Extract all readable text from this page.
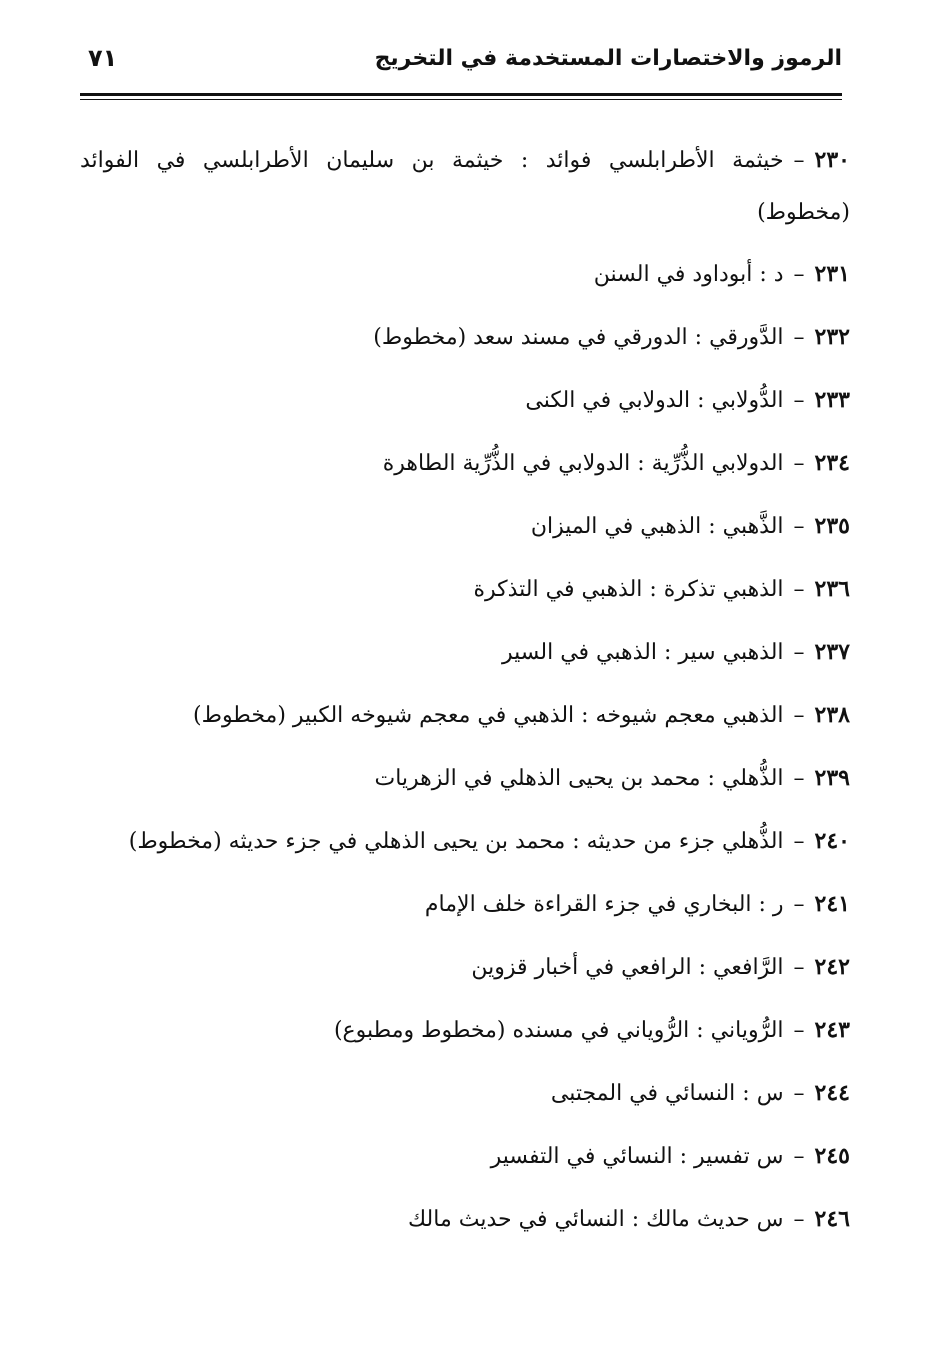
٧١	الرموز والاختصارات المستخدمة في التخريج
٢٣٠–خيثمة الأطرابلسي فوائد : خيثمة بن سليمان الأطرابلسي في الفوائد (مخطوط)
٢٣١–د : أبوداود في السنن
٢٣٢–الدَّورقي : الدورقي في مسند سعد (مخطوط)
٢٣٣–الدُّولابي : الدولابي في الكنى
٢٣٤–الدولابي الذُّرِّية : الدولابي في الذُّرِّية الطاهرة
٢٣٥–الذَّهبي : الذهبي في الميزان
٢٣٦–الذهبي تذكرة : الذهبي في التذكرة
٢٣٧–الذهبي سير : الذهبي في السير
٢٣٨–الذهبي معجم شيوخه : الذهبي في معجم شيوخه الكبير (مخطوط)
٢٣٩–الذُّهلي : محمد بن يحيى الذهلي في الزهريات
٢٤٠–الذُّهلي جزء من حديثه : محمد بن يحيى الذهلي في جزء حديثه (مخطوط)
٢٤١–ر : البخاري في جزء القراءة خلف الإمام
٢٤٢–الرَّافعي : الرافعي في أخبار قزوين
٢٤٣–الرُّوياني : الرُّوياني في مسنده (مخطوط ومطبوع)
٢٤٤–س : النسائي في المجتبى
٢٤٥–س تفسير : النسائي في التفسير
٢٤٦–س حديث مالك : النسائي في حديث مالك
